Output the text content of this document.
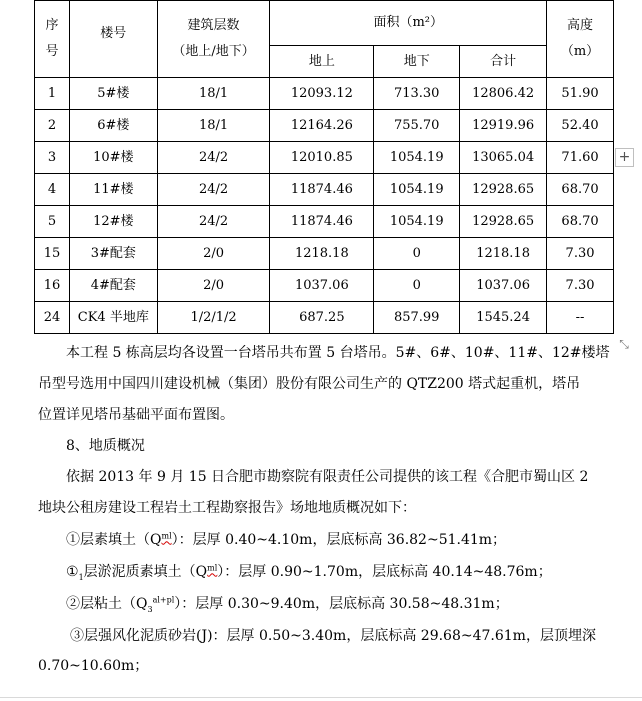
序
号	楼号	建筑层数
（地上/地下）	面积（m²）			高度
（m）

			地上	地下	合计	
1	5#楼	18/1	12093.12	713.30	12806.42	51.90
2	6#楼	18/1	12164.26	755.70	12919.96	52.40
3	10#楼	24/2	12010.85	1054.19	13065.04	71.60
4	11#楼	24/2	11874.46	1054.19	12928.65	68.70
5	12#楼	24/2	11874.46	1054.19	12928.65	68.70
15	3#配套	2/0	1218.18	0	1218.18	7.30
16	4#配套	2/0	1037.06	0	1037.06	7.30
24	CK4 半地库	1/2/1/2	687.25	857.99	1545.24	--
+
⤡
本工程 5 栋高层均各设置一台塔吊共布置 5 台塔吊。5#、6#、10#、11#、12#楼塔
吊型号选用中国四川建设机械（集团）股份有限公司生产的 QTZ200 塔式起重机，塔吊
位置详见塔吊基础平面布置图。
8、地质概况
依据 2013 年 9 月 15 日合肥市勘察院有限责任公司提供的该工程《合肥市蜀山区 2
地块公租房建设工程岩土工程勘察报告》场地地质概况如下：
①层素填土$(Q^{ml})$：层厚 0.40~4.10m，层底标高 36.82~51.41m；
$①_1$层淤泥质素填土$(Q^{ml})$：层厚 0.90~1.70m，层底标高 40.14~48.76m；
②层粘土$(Q_3^{al+pl})$：层厚 0.30~9.40m，层底标高 30.58~48.31m；
③层强风化泥质砂岩(J)：层厚 0.50~3.40m，层底标高 29.68~47.61m，层顶埋深
0.70~10.60m；
